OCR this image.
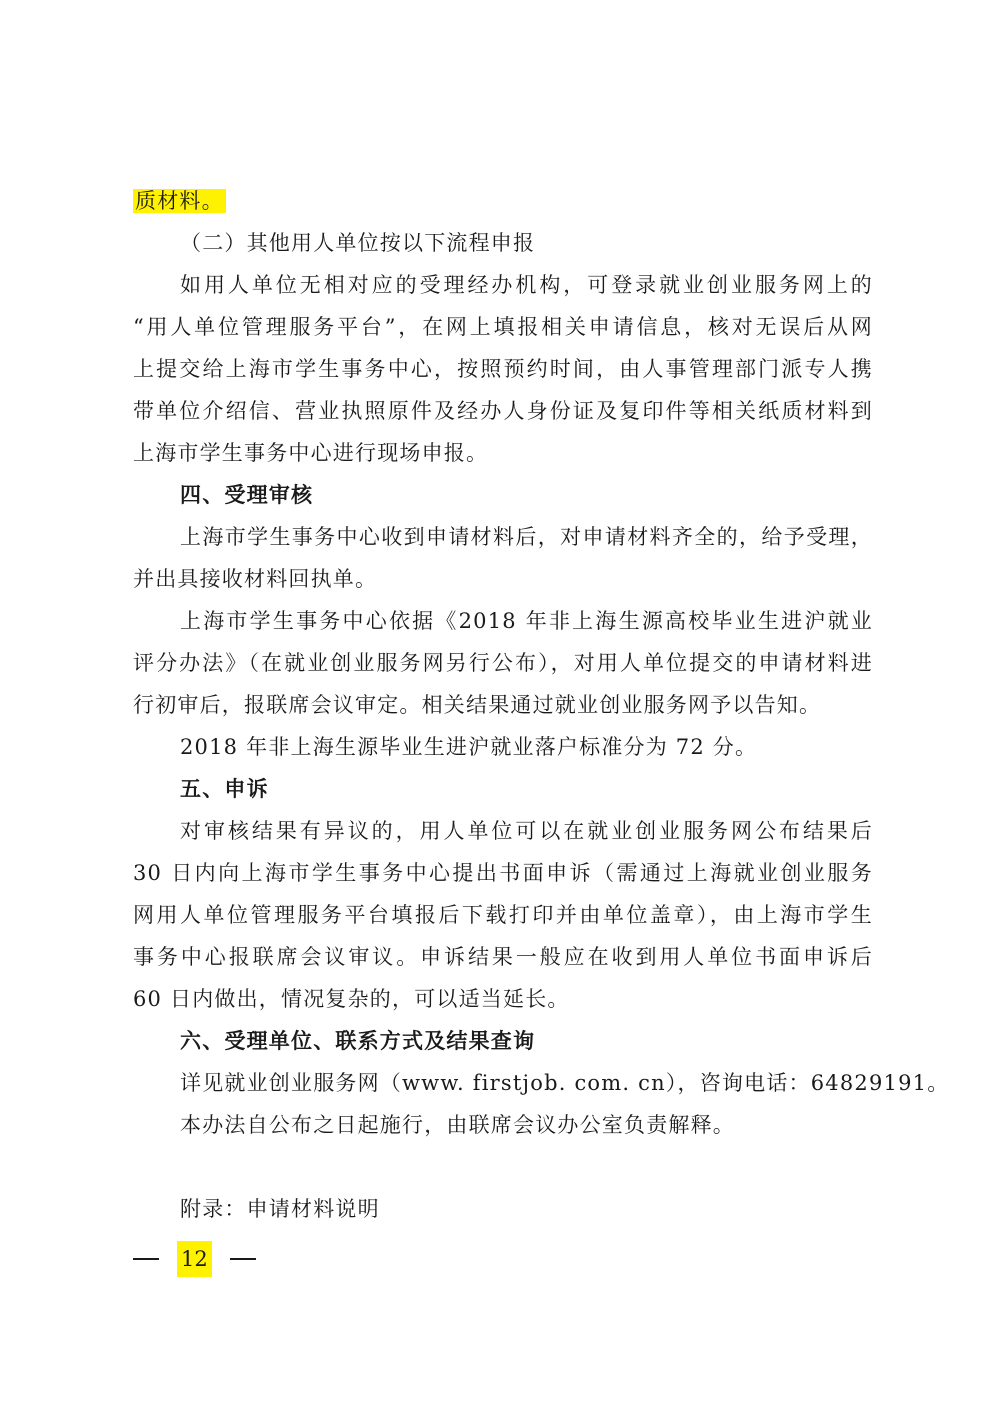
质材料。
（二）其他用人单位按以下流程申报
如用人单位无相对应的受理经办机构，可登录就业创业服务网上的
“用人单位管理服务平台”，在网上填报相关申请信息，核对无误后从网
上提交给上海市学生事务中心，按照预约时间，由人事管理部门派专人携
带单位介绍信、营业执照原件及经办人身份证及复印件等相关纸质材料到
上海市学生事务中心进行现场申报。
四、受理审核
上海市学生事务中心收到申请材料后，对申请材料齐全的，给予受理，
并出具接收材料回执单。
上海市学生事务中心依据《2018 年非上海生源高校毕业生进沪就业
评分办法》（在就业创业服务网另行公布），对用人单位提交的申请材料进
行初审后，报联席会议审定。相关结果通过就业创业服务网予以告知。
2018 年非上海生源毕业生进沪就业落户标准分为 72 分。
五、申诉
对审核结果有异议的，用人单位可以在就业创业服务网公布结果后
30 日内向上海市学生事务中心提出书面申诉（需通过上海就业创业服务
网用人单位管理服务平台填报后下载打印并由单位盖章），由上海市学生
事务中心报联席会议审议。申诉结果一般应在收到用人单位书面申诉后
60 日内做出，情况复杂的，可以适当延长。
六、受理单位、联系方式及结果查询
详见就业创业服务网（www. firstjob. com. cn），咨询电话：64829191。
本办法自公布之日起施行，由联席会议办公室负责解释。
附录：申请材料说明
12
